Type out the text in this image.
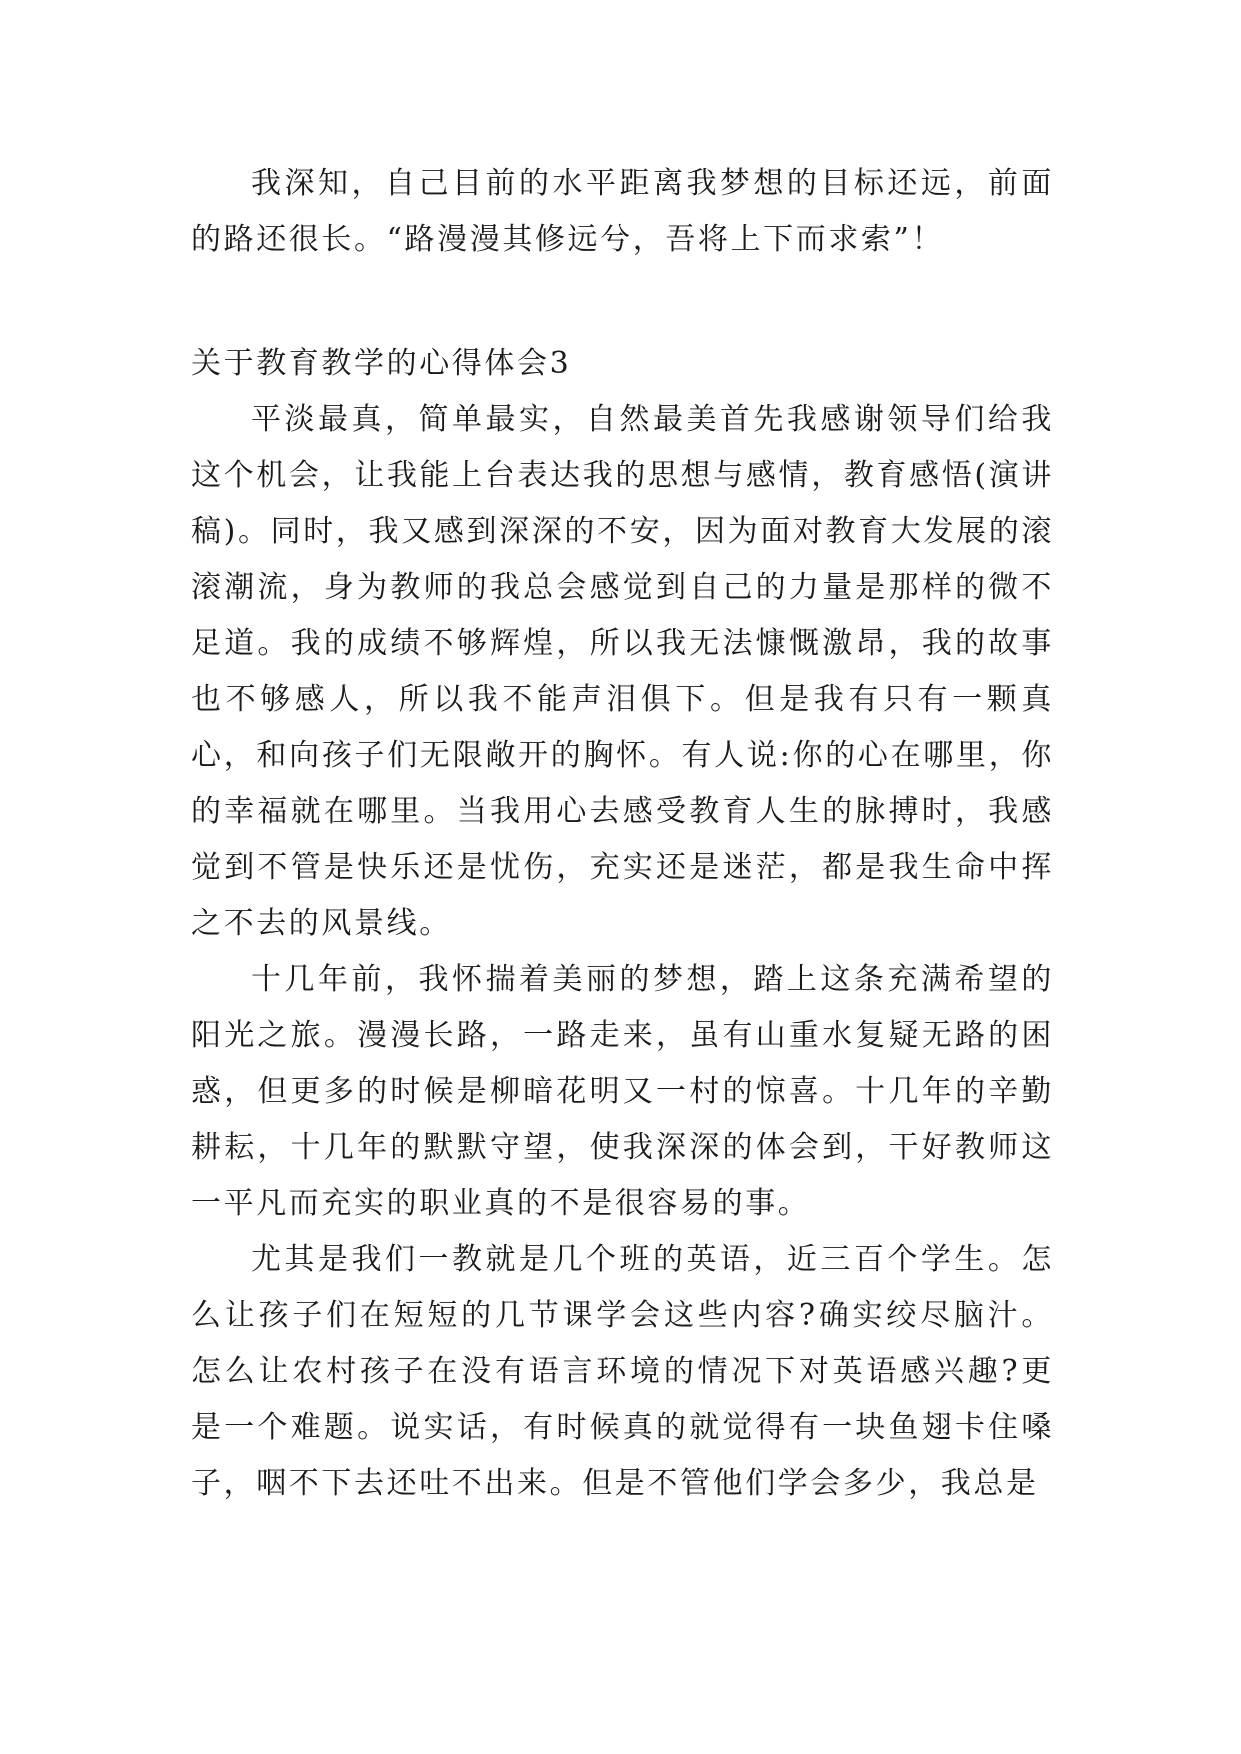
我深知，自己目前的水平距离我梦想的目标还远，前面的路还很长。“路漫漫其修远兮，吾将上下而求索”！

关于教育教学的心得体会3

平淡最真，简单最实，自然最美首先我感谢领导们给我这个机会，让我能上台表达我的思想与感情，教育感悟(演讲稿)。同时，我又感到深深的不安，因为面对教育大发展的滚滚潮流，身为教师的我总会感觉到自己的力量是那样的微不足道。我的成绩不够辉煌，所以我无法慷慨激昂，我的故事也不够感人，所以我不能声泪俱下。但是我有只有一颗真心，和向孩子们无限敞开的胸怀。有人说:你的心在哪里，你的幸福就在哪里。当我用心去感受教育人生的脉搏时，我感觉到不管是快乐还是忧伤，充实还是迷茫，都是我生命中挥之不去的风景线。

十几年前，我怀揣着美丽的梦想，踏上这条充满希望的阳光之旅。漫漫长路，一路走来，虽有山重水复疑无路的困惑，但更多的时候是柳暗花明又一村的惊喜。十几年的辛勤耕耘，十几年的默默守望，使我深深的体会到，干好教师这一平凡而充实的职业真的不是很容易的事。

尤其是我们一教就是几个班的英语，近三百个学生。怎么让孩子们在短短的几节课学会这些内容?确实绞尽脑汁。怎么让农村孩子在没有语言环境的情况下对英语感兴趣?更是一个难题。说实话，有时候真的就觉得有一块鱼翅卡住嗓子，咽不下去还吐不出来。但是不管他们学会多少，我总是
